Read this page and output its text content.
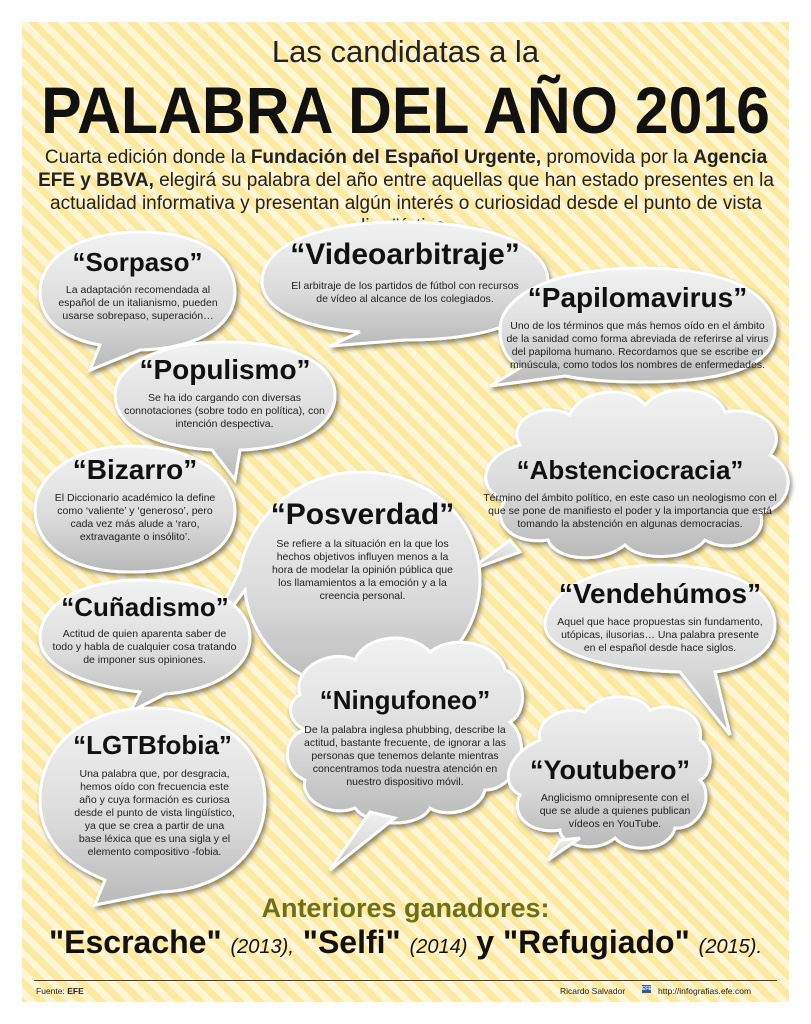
Las candidatas a la
PALABRA DEL AÑO 2016
Cuarta edición donde la Fundación del Español Urgente, promovida por la Agencia EFE y BBVA, elegirá su palabra del año entre aquellas que han estado presentes en la actualidad informativa y presentan algún interés o curiosidad desde el punto de vista
“Sorpaso”
La adaptación recomendada al español de un italianismo, pueden usarse sobrepaso, superación…
“Videoarbitraje”
El arbitraje de los partidos de fútbol con recursos de vídeo al alcance de los colegiados.	“Papilomavirus”
Uno de los términos que más hemos oído en el ámbito de la sanidad como forma abreviada de referirse al virus del papiloma humano. Recordamos que se escribe en minúscula, como todos los nombres de enfermedades.
“Populismo”
Se ha ido cargando con diversas connotaciones (sobre todo en política), con intención despectiva.
“Bizarro”
El Diccionario académico la define como ‘valiente’ y ‘generoso’, pero cada vez más alude a ‘raro, extravagante o insólito’.
“Abstenciocracia”
Término del ámbito político, en este caso un neologismo con el que se pone de manifiesto el poder y la importancia que está tomando la abstención en algunas democracias.
“Posverdad”
Se refiere a la situación en la que los hechos objetivos influyen menos a la hora de modelar la opinión pública que los llamamientos a la emoción y a la creencia personal.
“Cuñadismo”
Actitud de quien aparenta saber de todo y habla de cualquier cosa tratando de imponer sus opiniones.
“Vendehúmos”
Aquel que hace propuestas sin fundamento, utópicas, ilusorias… Una palabra presente en el español desde hace siglos.
“Ningufoneo”
De la palabra inglesa phubbing, describe la actitud, bastante frecuente, de ignorar a las personas que tenemos delante mientras concentramos toda nuestra atención en nuestro dispositivo móvil.
“LGTBfobia”
Una palabra que, por desgracia, hemos oído con frecuencia este año y cuya formación es curiosa desde el punto de vista lingüístico, ya que se crea a partir de una base léxica que es una sigla y el elemento compositivo -fobia.
“Youtubero”
Anglicismo omnipresente con el que se alude a quienes publican vídeos en YouTube.
Anteriores ganadores:
"Escrache" (2013), "Selfi" (2014) y "Refugiado" (2015).
Fuente: EFE	Ricardo Salvador	EFE http://infografias.efe.com
